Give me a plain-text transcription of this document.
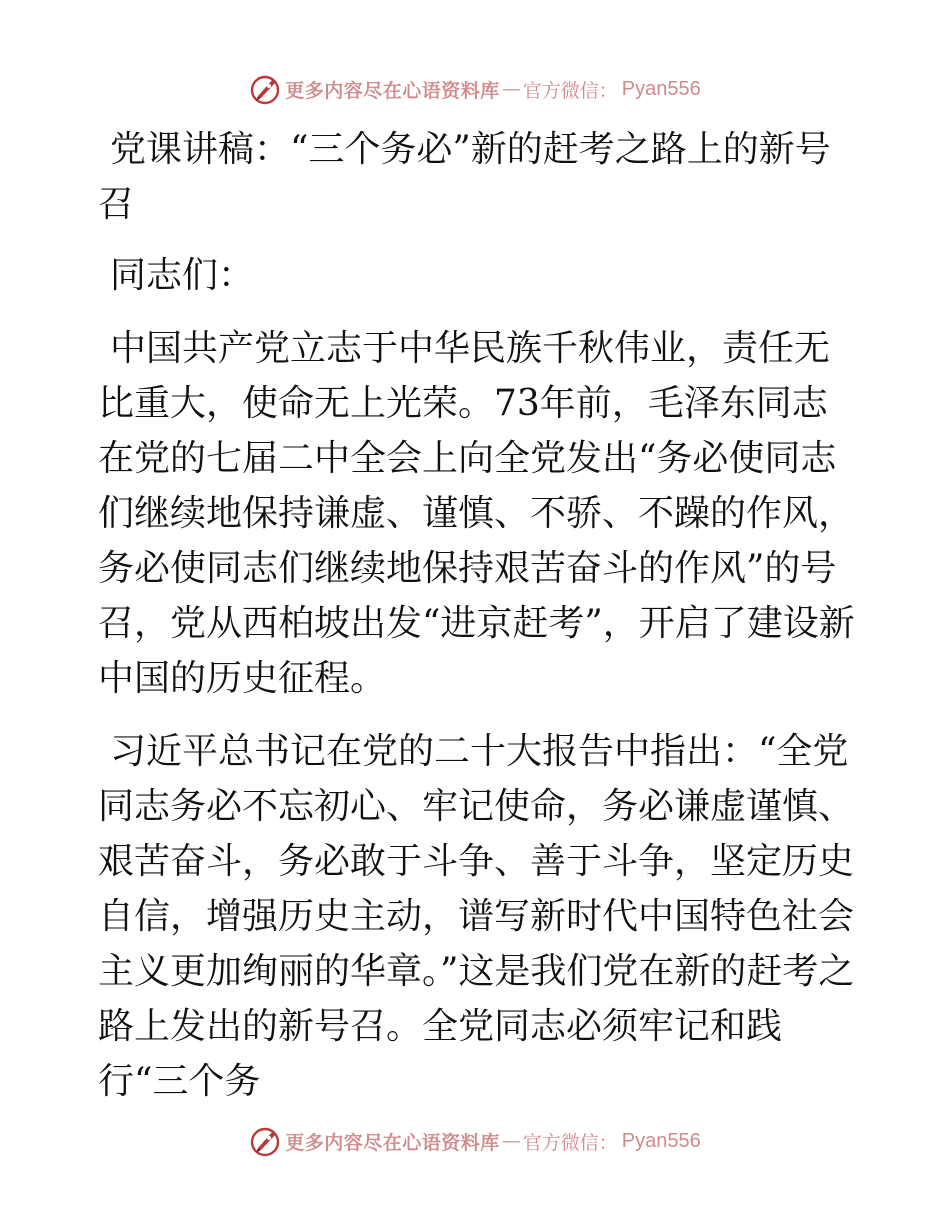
更多内容尽在心语资料库 — 官方微信： Pyan556

党课讲稿：“三个务必”新的赶考之路上的新号召

同志们：

中国共产党立志于中华民族千秋伟业，责任无比重大，使命无上光荣。73年前，毛泽东同志在党的七届二中全会上向全党发出“务必使同志们继续地保持谦虚、谨慎、不骄、不躁的作风，务必使同志们继续地保持艰苦奋斗的作风”的号召，党从西柏坡出发“进京赶考”，开启了建设新中国的历史征程。

习近平总书记在党的二十大报告中指出：“全党同志务必不忘初心、牢记使命，务必谦虚谨慎、艰苦奋斗，务必敢于斗争、善于斗争，坚定历史自信，增强历史主动，谱写新时代中国特色社会主义更加绚丽的华章。”这是我们党在新的赶考之路上发出的新号召。全党同志必须牢记和践行“三个务

更多内容尽在心语资料库 — 官方微信： Pyan556
